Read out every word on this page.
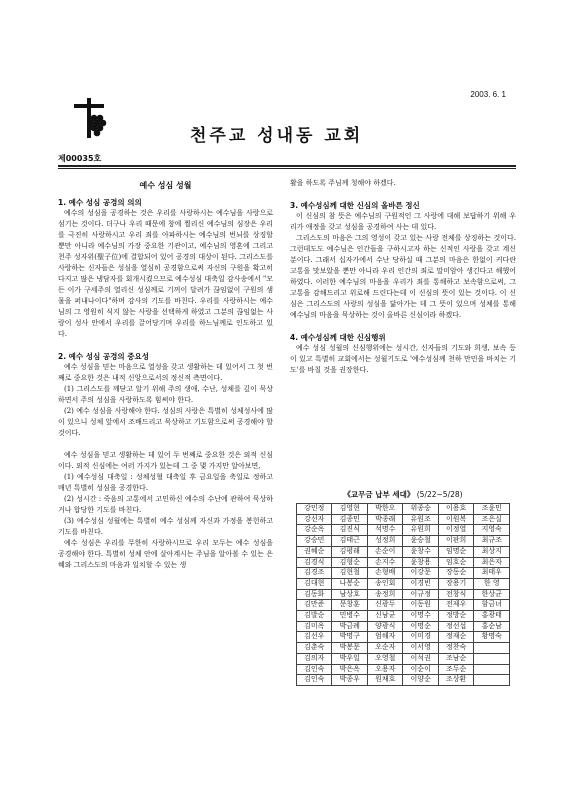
2003. 6. 1
천주교 성내동 교회
제00035호
예수 성심 성월
1. 예수 성심 공경의 의의

예수의 성심을 공경하는 것은 우리를 사랑하시는 예수님을 사랑으로 섬기는 것이다. 더구나 우리 때문에 창에 찔리신 예수님의 심장은 우리를 극진히 사랑하시고 우리 죄를 아파하시는 예수님의 번뇌를 상징할 뿐만 아니라 예수님의 가장 중요한 기관이고, 예수님의 영혼에 그리고 천주 성자위(聖子位)에 결합되어 있어 공경의 대상이 된다. 그리스도를 사랑하는 신자들은 성심을 열심히 공경함으로써 자신의 구원을 확고히 다지고 많은 냉담자를 회개시켰으므로 예수성심 대축일 감사송에서 "모든 이가 구세주의 열리신 성심께로 기꺼이 달려가 끊임없이 구원의 샘물을 퍼내나이다"하며 감사의 기도를 바친다. 우리를 사랑하시는 예수님의 그 영원히 식지 않는 사랑을 선택하게 하였고 그분의 끊임없는 사랑이 성사 안에서 우리를 끌어당기며 우리를 하느님께로 인도하고 있다.

2. 예수 성심 공경의 중요성

예수 성심을 믿는 마음으로 열성을 갖고 생활하는 데 있어서 그 첫 번째로 중요한 것은 내적 신앙으로서의 정신적 측면이다.

(1) 그리스도를 깨닫고 알기 위해 주의 생애, 수난, 성체를 깊이 묵상하면서 주의 성심을 사랑하도록 힘써야 한다.

(2) 예수 성심을 사랑해야 한다. 성심의 사랑은 특별히 성체성사에 많이 있으니 성체 앞에서 조배드리고 묵상하고 기도함으로써 공경해야 할 것이다.

예수 성심을 믿고 생활하는 데 있어 두 번째로 중요한 것은 외적 신심이다. 외적 신심에는 여러 가지가 있는데 그 중 몇 가지만 알아보면,

(1) 예수성심 대축일 : 성체성혈 대축일 후 금요일을 축일로 정하고 매년 특별히 성심을 공경한다.

(2) 성시간 : 죽음의 고통에서 고민하신 예수의 수난에 관하여 묵상하거나 합당한 기도를 바친다.

(3) 예수성심 성월에는 특별히 예수 성심께 자신과 가정을 봉헌하고 기도를 바친다.

예수 성심은 우리를 무한히 사랑하시므로 우리 모두는 예수 성심을 공경해야 한다. 특별히 성체 안에 살아계시는 주님을 알아볼 수 있는 은혜와 그리스도의 마음과 일치할 수 있는 생

활을 하도록 주님께 청해야 하겠다.

3. 예수성심께 대한 신심의 올바른 정신

이 신심의 참 뜻은 예수님의 구원적인 그 사랑에 대해 보답하기 위해 우리가 애정을 갖고 성심을 공경하여 사는 데 있다.

그리스도의 마음은 그의 영성이 갖고 있는 사랑 전체를 상징하는 것이다. 그런데도도 예수님은 인간들을 구하시고자 하는 신적인 사랑을 갖고 계신 분이다. 그래서 십자가에서 수난 당하실 때 그분의 마음은 한없이 커다란 고통을 맛보았을 뿐만 아니라 우리 인간의 죄로 말미암아 생긴다고 해했어 하였다. 이러한 예수님의 마음을 우리가 죄를 통해하고 보속함으로써, 그 고통을 감해드리고 위로해 드린다는데 이 신심의 뜻이 있는 것이다. 이 신심은 그리스도의 사랑의 성심을 닮아가는 데 그 뜻이 있으며 성체를 통해 예수님의 마음을 묵상하는 것이 올바른 신심이라 하겠다.

4. 예수성심께 대한 신심행위

예수 성심 성월의 신심행위에는 성시간, 신자들의 기도와 희생, 보속 등이 있고 특별히 교회에서는 성월기도로 '예수성심께 천하 만민을 바치는 기도'를 바칠 것을 권장한다.

《교무금 납부 세대》 (5/22~5/28)
강민정	김영현	박한오	위종숭	이용호	조윤민
강선자	김종민	박종래	유원조	이원복	조은실
강순옥	김진식	석명수	유원희	이정열	지영숙
강승민	김태근	성정희	윤승철	이판희	최규조
권혜순	김평래	손순이	윤창수	임명순	최상지
김경식	김형순	손지수	윤창용	임호순	최은자
김경조	김현철	손형배	이강문	장동순	최태우
김대현	나봉순	송인회	이경빈	장용기	한 영
김동화	남상호	송정희	이규정	전창식	한상균
김만준	문창훈	신광두	이동원	전제우	함금녀
김발순	민병수	신남균	이명수	정방순	홍광태
김미옥	박금례	양광식	이명순	정선섭	홍순남
김선우	박명구	엄해자	이미경	정재순	황명숙
김춘숙	박봉문	오순자	이서영	정찬숙	
김의자	박우일	오영철	이석권	조남순	
김인숙	박은옥	오용자	이순이	조두순	
김인숙	박종우	원채호	이양순	조상환	
